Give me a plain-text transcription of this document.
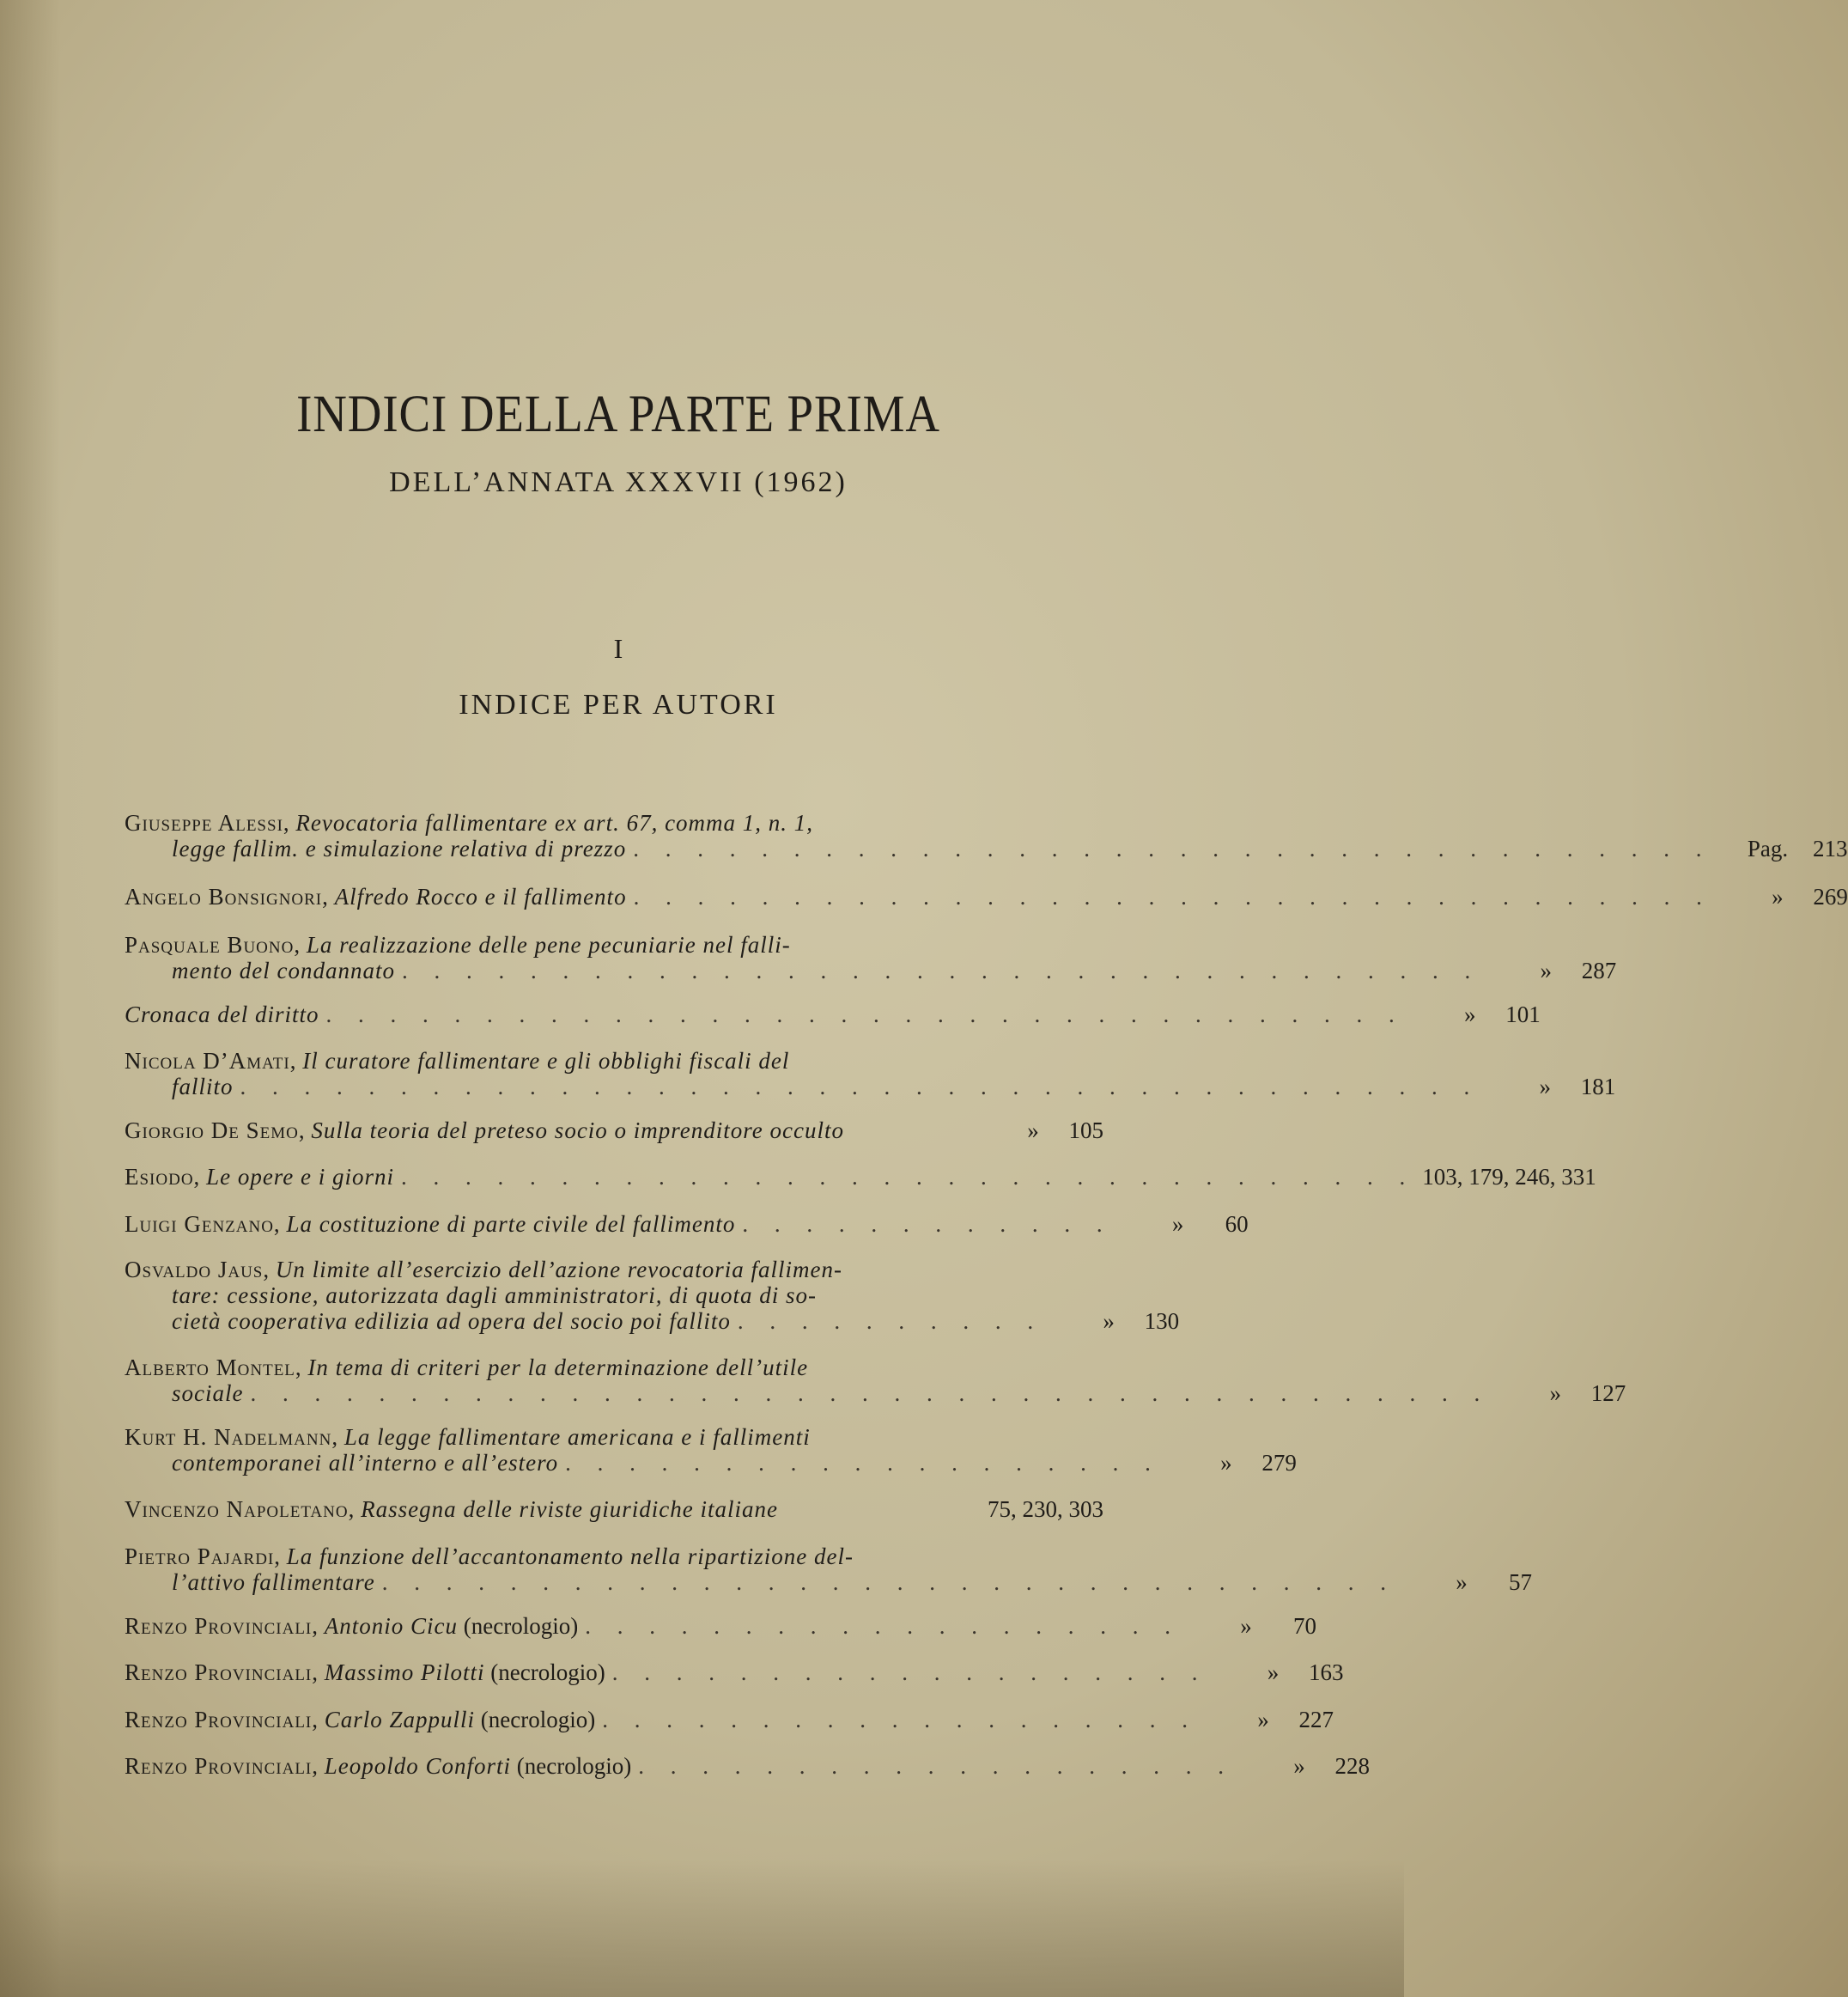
INDICI DELLA PARTE PRIMA
DELL’ANNATA XXXVII (1962)
I
INDICE PER AUTORI
Giuseppe Alessi, Revocatoria fallimentare ex art. 67, comma 1, n. 1,
legge fallim. e simulazione relativa di prezzo . . . . . . . . . . . . . . . . . . . . . . . . . . . . . . . . . .	Pag. 213
Angelo Bonsignori, Alfredo Rocco e il fallimento . . . . . . . . . . . . . . . . . . . . . . . . . . . . . . . . . .	» 269
Pasquale Buono, La realizzazione delle pene pecuniarie nel falli-
mento del condannato . . . . . . . . . . . . . . . . . . . . . . . . . . . . . . . . . .	» 287
Cronaca del diritto . . . . . . . . . . . . . . . . . . . . . . . . . . . . . . . . . .	» 101
Nicola D’Amati, Il curatore fallimentare e gli obblighi fiscali del
fallito . . . . . . . . . . . . . . . . . . . . . . . . . . . . . . . . . . . . . . .	» 181
Giorgio De Semo, Sulla teoria del preteso socio o imprenditore occulto	» 105
Esiodo, Le opere e i giorni . . . . . . . . . . . . . . . . . . . . . . . . . . . . . . . . 103, 179, 246, 331
Luigi Genzano, La costituzione di parte civile del fallimento . . . . . . . . . . . .	» 60
Osvaldo Jaus, Un limite all’esercizio dell’azione revocatoria fallimen-
tare: cessione, autorizzata dagli amministratori, di quota di so-
cietà cooperativa edilizia ad opera del socio poi fallito . . . . . . . . . .	» 130
Alberto Montel, In tema di criteri per la determinazione dell’utile
sociale . . . . . . . . . . . . . . . . . . . . . . . . . . . . . . . . . . . . . . .	» 127
Kurt H. Nadelmann, La legge fallimentare americana e i fallimenti
contemporanei all’interno e all’estero . . . . . . . . . . . . . . . . . . .	» 279
Vincenzo Napoletano, Rassegna delle riviste giuridiche italiane	75, 230, 303
Pietro Pajardi, La funzione dell’accantonamento nella ripartizione del-
l’attivo fallimentare . . . . . . . . . . . . . . . . . . . . . . . . . . . . . . . .	» 57
Renzo Provinciali, Antonio Cicu (necrologio) . . . . . . . . . . . . . . . . . . .	» 70
Renzo Provinciali, Massimo Pilotti (necrologio) . . . . . . . . . . . . . . . . . . .	» 163
Renzo Provinciali, Carlo Zappulli (necrologio) . . . . . . . . . . . . . . . . . . .	» 227
Renzo Provinciali, Leopoldo Conforti (necrologio) . . . . . . . . . . . . . . . . . . .	» 228
